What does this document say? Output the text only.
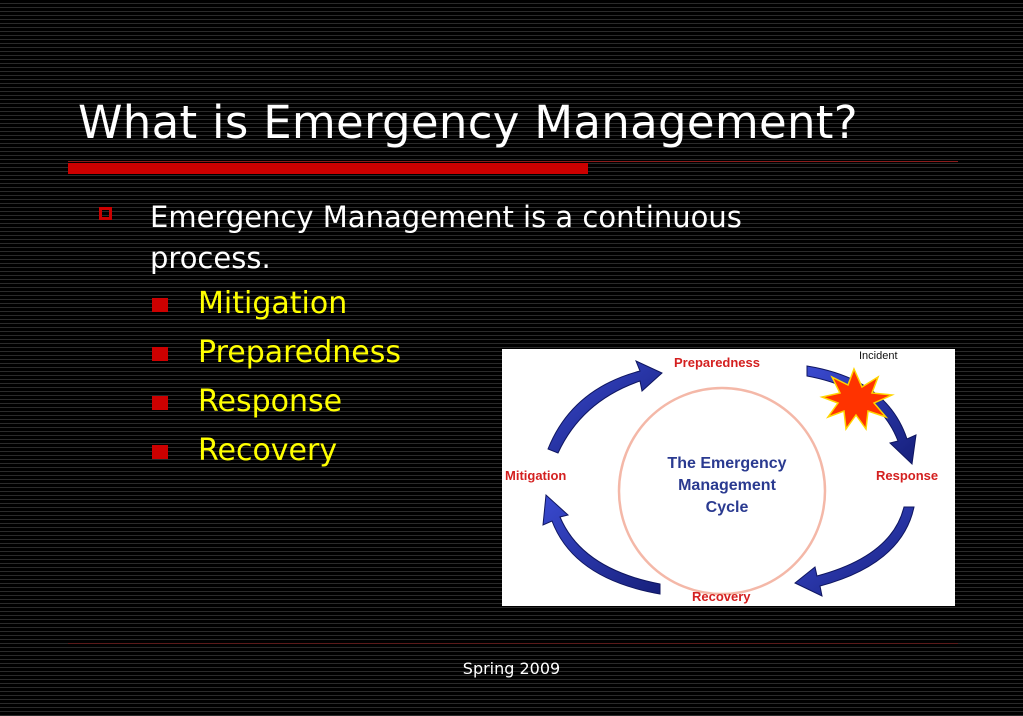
What is Emergency Management?
Emergency Management is a continuous process.
Mitigation
Preparedness
Response
Recovery
Preparedness	Incident
Response
Recovery
Mitigation
The Emergency
Management
Cycle
Spring 2009
